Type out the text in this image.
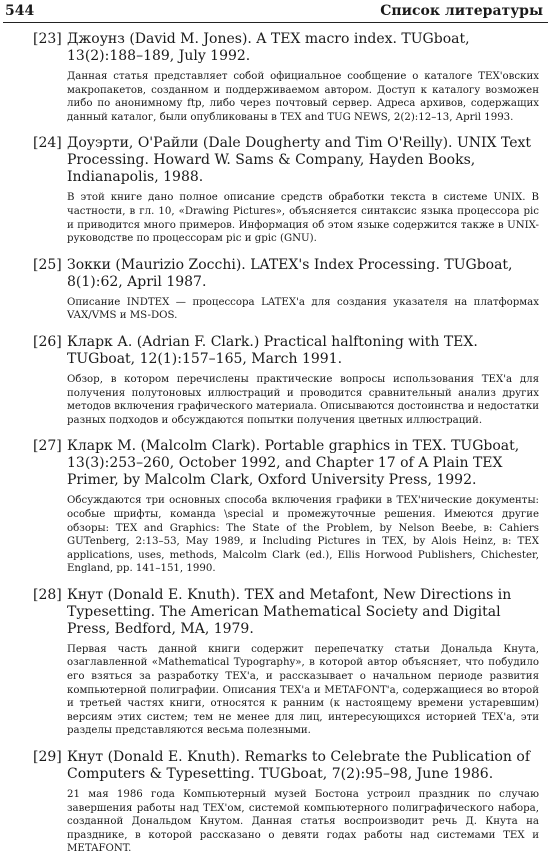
544	Список литературы
[23] Джоунз (David M. Jones). A TEX macro index. TUGboat, 13(2):188–189, July 1992.
Данная статья представляет собой официальное сообщение о каталоге TEX'овских макропакетов, созданном и поддерживаемом автором. Доступ к каталогу возможен либо по анонимному ftp, либо через почтовый сервер. Адреса архивов, содержащих данный каталог, были опубликованы в TEX and TUG NEWS, 2(2):12–13, April 1993.
[24] Доуэрти, О'Райли (Dale Dougherty and Tim O'Reilly). UNIX Text Processing. Howard W. Sams & Company, Hayden Books, Indianapolis, 1988.
В этой книге дано полное описание средств обработки текста в системе UNIX. В частности, в гл. 10, «Drawing Pictures», объясняется синтаксис языка процессора pic и приводится много примеров. Информация об этом языке содержится также в UNIX-руководстве по процессорам pic и gpic (GNU).
[25] Зокки (Maurizio Zocchi). LATEX's Index Processing. TUGboat, 8(1):62, April 1987.
Описание INDTEX — процессора LATEX'а для создания указателя на платформах VAX/VMS и MS-DOS.
[26] Кларк А. (Adrian F. Clark.) Practical halftoning with TEX. TUGboat, 12(1):157–165, March 1991.
Обзор, в котором перечислены практические вопросы использования TEX'а для получения полутоновых иллюстраций и проводится сравнительный анализ других методов включения графического материала. Описываются достоинства и недостатки разных подходов и обсуждаются попытки получения цветных иллюстраций.
[27] Кларк М. (Malcolm Clark). Portable graphics in TEX. TUGboat, 13(3):253–260, October 1992, and Chapter 17 of A Plain TEX Primer, by Malcolm Clark, Oxford University Press, 1992.
Обсуждаются три основных способа включения графики в TEX'нические документы: особые шрифты, команда \special и промежуточные решения. Имеются другие обзоры: TEX and Graphics: The State of the Problem, by Nelson Beebe, в: Cahiers GUTenberg, 2:13–53, May 1989, и Including Pictures in TEX, by Alois Heinz, в: TEX applications, uses, methods, Malcolm Clark (ed.), Ellis Horwood Publishers, Chichester, England, pp. 141–151, 1990.
[28] Кнут (Donald E. Knuth). TEX and Metafont, New Directions in Typesetting. The American Mathematical Society and Digital Press, Bedford, MA, 1979.
Первая часть данной книги содержит перепечатку статьи Дональда Кнута, озаглавленной «Mathematical Typography», в которой автор объясняет, что побудило его взяться за разработку TEX'а, и рассказывает о начальном периоде развития компьютерной полиграфии. Описания TEX'а и METAFONT'а, содержащиеся во второй и третьей частях книги, относятся к ранним (к настоящему времени устаревшим) версиям этих систем; тем не менее для лиц, интересующихся историей TEX'а, эти разделы представляются весьма полезными.
[29] Кнут (Donald E. Knuth). Remarks to Celebrate the Publication of Computers & Typesetting. TUGboat, 7(2):95–98, June 1986.
21 мая 1986 года Компьютерный музей Бостона устроил праздник по случаю завершения работы над TEX'ом, системой компьютерного полиграфического набора, созданной Дональдом Кнутом. Данная статья воспроизводит речь Д. Кнута на празднике, в которой рассказано о девяти годах работы над системами TEX и METAFONT.
